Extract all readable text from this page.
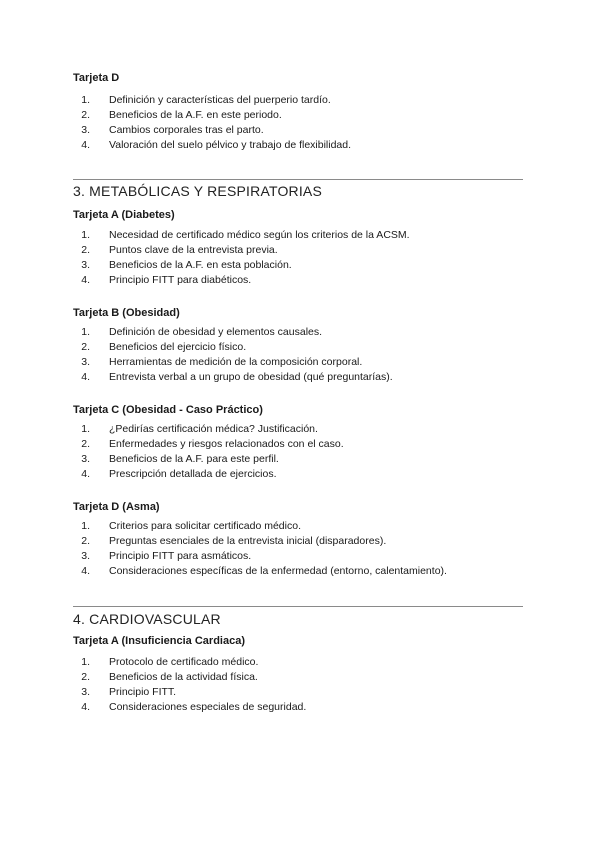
Tarjeta D
1. Definición y características del puerperio tardío.
2. Beneficios de la A.F. en este periodo.
3. Cambios corporales tras el parto.
4. Valoración del suelo pélvico y trabajo de flexibilidad.
3. METABÓLICAS Y RESPIRATORIAS
Tarjeta A (Diabetes)
1. Necesidad de certificado médico según los criterios de la ACSM.
2. Puntos clave de la entrevista previa.
3. Beneficios de la A.F. en esta población.
4. Principio FITT para diabéticos.
Tarjeta B (Obesidad)
1. Definición de obesidad y elementos causales.
2. Beneficios del ejercicio físico.
3. Herramientas de medición de la composición corporal.
4. Entrevista verbal a un grupo de obesidad (qué preguntarías).
Tarjeta C (Obesidad - Caso Práctico)
1. ¿Pedirías certificación médica? Justificación.
2. Enfermedades y riesgos relacionados con el caso.
3. Beneficios de la A.F. para este perfil.
4. Prescripción detallada de ejercicios.
Tarjeta D (Asma)
1. Criterios para solicitar certificado médico.
2. Preguntas esenciales de la entrevista inicial (disparadores).
3. Principio FITT para asmáticos.
4. Consideraciones específicas de la enfermedad (entorno, calentamiento).
4. CARDIOVASCULAR
Tarjeta A (Insuficiencia Cardiaca)
1. Protocolo de certificado médico.
2. Beneficios de la actividad física.
3. Principio FITT.
4. Consideraciones especiales de seguridad.
